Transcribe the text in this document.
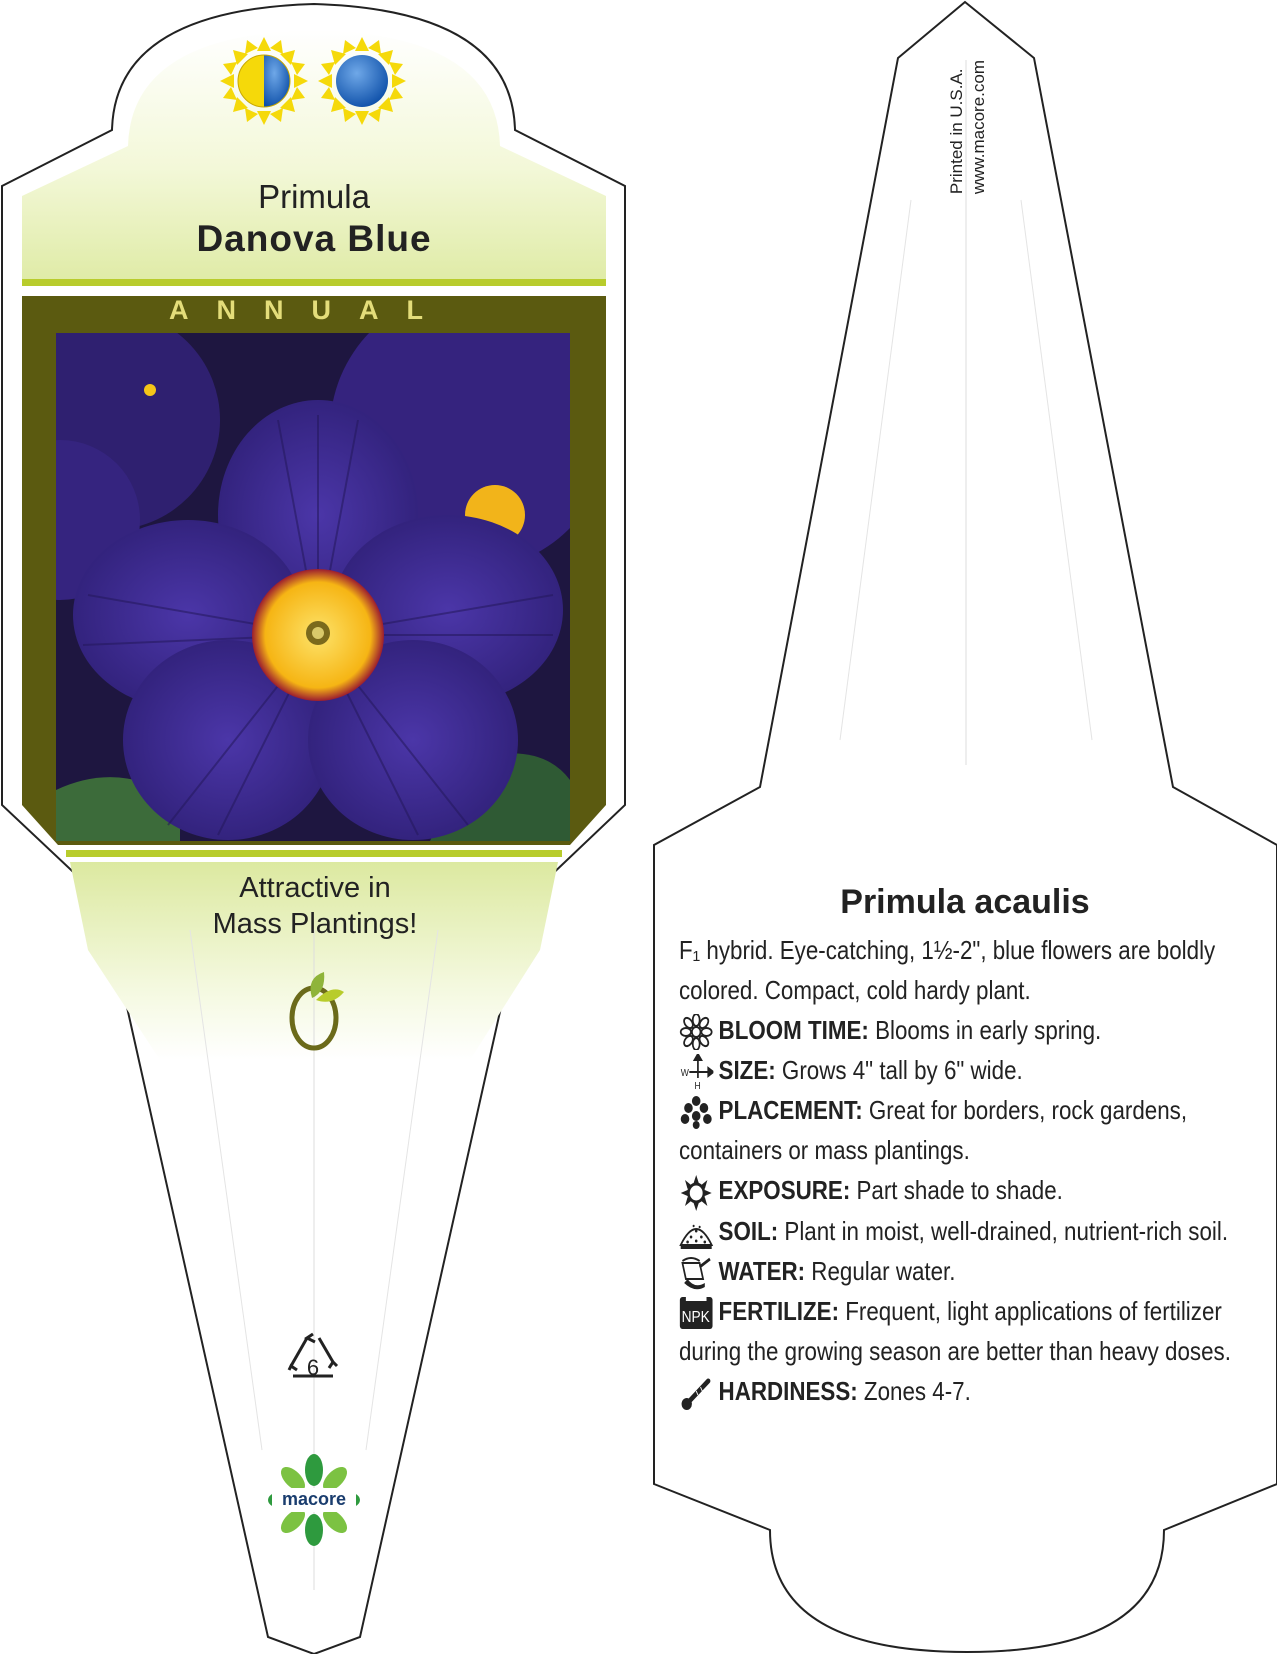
Primula
Danova Blue
ANNUAL
Attractive in
Mass Plantings!
6
macore
Printed in U.S.A. www.macore.com
Primula acaulis

F₁ hybrid. Eye-catching, 1½-2", blue flowers are boldly colored. Compact, cold hardy plant.

BLOOM TIME: Blooms in early spring.
W
H
SIZE: Grows 4" tall by 6" wide.
PLACEMENT: Great for borders, rock gardens, containers or mass plantings.
EXPOSURE: Part shade to shade.
SOIL: Plant in moist, well-drained, nutrient-rich soil.
WATER: Regular water.
NPK FERTILIZE: Frequent, light applications of fertilizer during the growing season are better than heavy doses.
HARDINESS: Zones 4-7.
